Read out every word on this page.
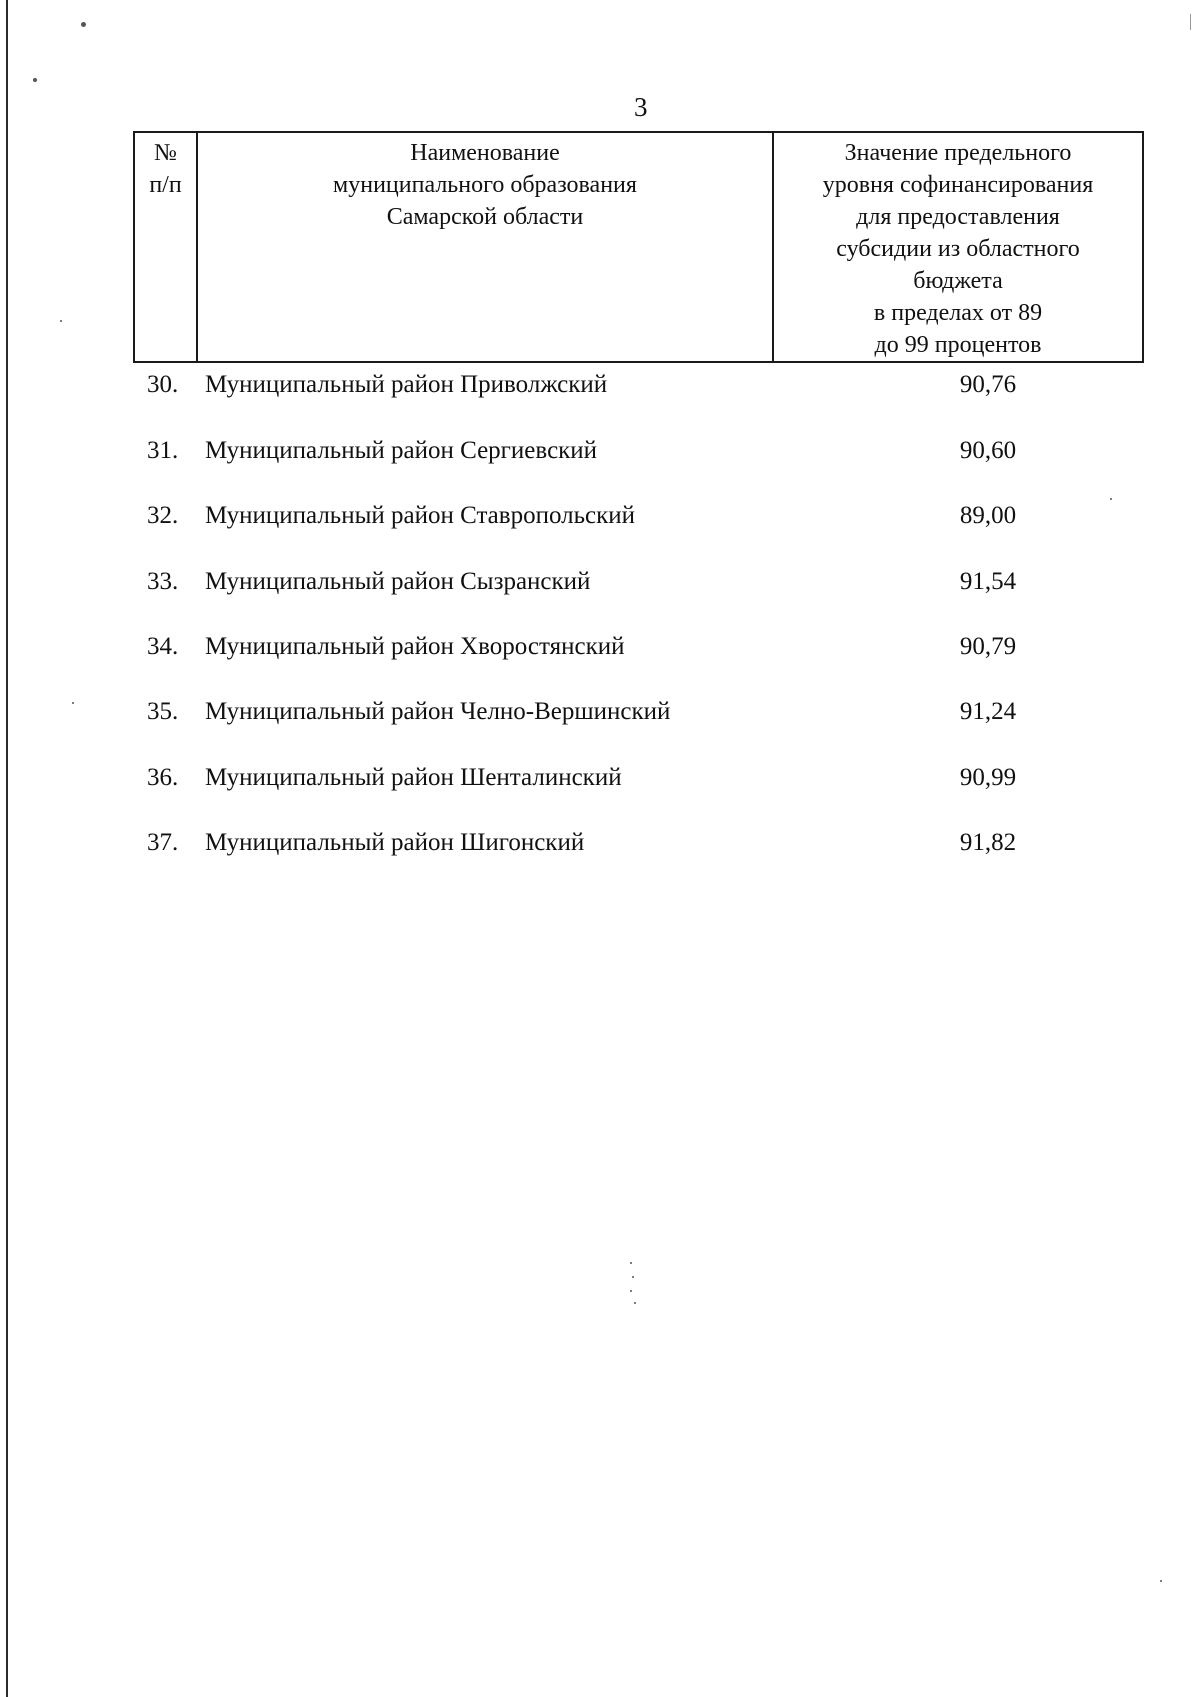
3
№
п/п

Наименование
муниципального образования
Самарской области

Значение предельного
уровня софинансирования
для предоставления
субсидии из областного
бюджета
в пределах от 89
до 99 процентов
30. Муниципальный район Приволжский	90,76
31. Муниципальный район Сергиевский	90,60
32. Муниципальный район Ставропольский	89,00
33. Муниципальный район Сызранский	91,54
34. Муниципальный район Хворостянский	90,79
35. Муниципальный район Челно-Вершинский	91,24
36. Муниципальный район Шенталинский	90,99
37. Муниципальный район Шигонский	91,82
